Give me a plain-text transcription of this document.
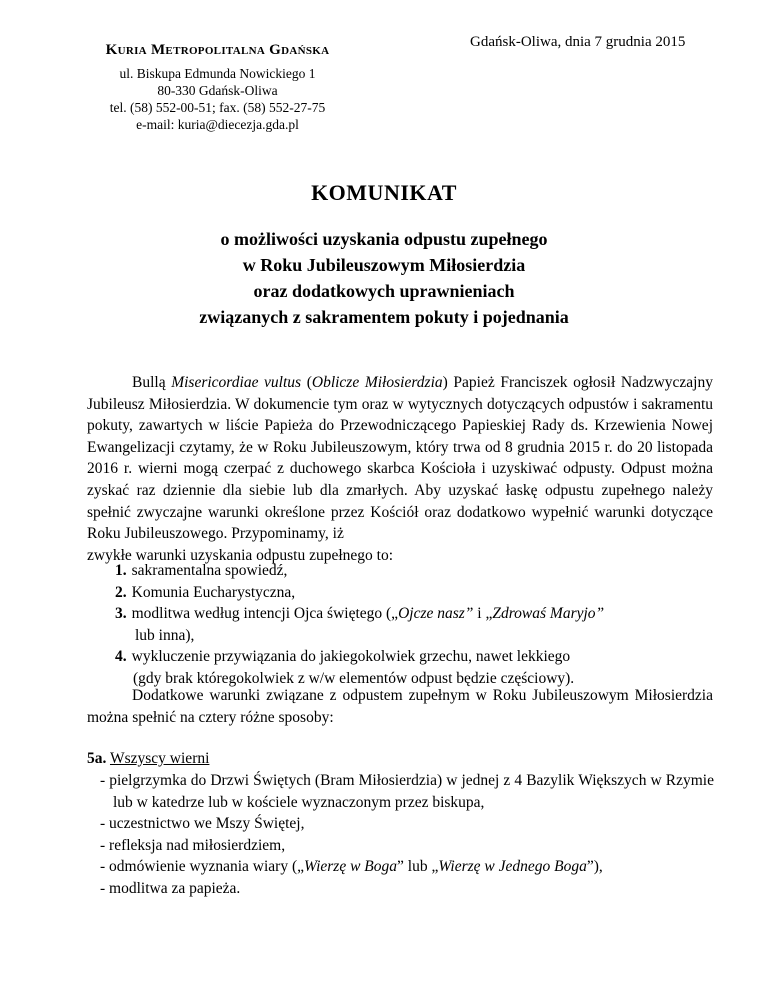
Gdańsk-Oliwa, dnia 7 grudnia 2015
Kuria Metropolitalna Gdańska
ul. Biskupa Edmunda Nowickiego 1
80-330 Gdańsk-Oliwa
tel. (58) 552-00-51; fax. (58) 552-27-75
e-mail: kuria@diecezja.gda.pl
KOMUNIKAT
o możliwości uzyskania odpustu zupełnego
w Roku Jubileuszowym Miłosierdzia
oraz dodatkowych uprawnieniach
związanych z sakramentem pokuty i pojednania
Bullą Misericordiae vultus (Oblicze Miłosierdzia) Papież Franciszek ogłosił Nadzwyczajny Jubileusz Miłosierdzia. W dokumencie tym oraz w wytycznych dotyczących odpustów i sakramentu pokuty, zawartych w liście Papieża do Przewodniczącego Papieskiej Rady ds. Krzewienia Nowej Ewangelizacji czytamy, że w Roku Jubileuszowym, który trwa od 8 grudnia 2015 r. do 20 listopada 2016 r. wierni mogą czerpać z duchowego skarbca Kościoła i uzyskiwać odpusty. Odpust można zyskać raz dziennie dla siebie lub dla zmarłych. Aby uzyskać łaskę odpustu zupełnego należy spełnić zwyczajne warunki określone przez Kościół oraz dodatkowo wypełnić warunki dotyczące Roku Jubileuszowego. Przypominamy, iż
zwykłe warunki uzyskania odpustu zupełnego to:
1. sakramentalna spowiedź,
2. Komunia Eucharystyczna,
3. modlitwa według intencji Ojca świętego („Ojcze nasz” i „Zdrowaś Maryjo”
lub inna),
4. wykluczenie przywiązania do jakiegokolwiek grzechu, nawet lekkiego
(gdy brak któregokolwiek z w/w elementów odpust będzie częściowy).
Dodatkowe warunki związane z odpustem zupełnym w Roku Jubileuszowym Miłosierdzia można spełnić na cztery różne sposoby:
5a. Wszyscy wierni
- pielgrzymka do Drzwi Świętych (Bram Miłosierdzia) w jednej z 4 Bazylik Większych w Rzymie lub w katedrze lub w kościele wyznaczonym przez biskupa,
- uczestnictwo we Mszy Świętej,
- refleksja nad miłosierdziem,
- odmówienie wyznania wiary („Wierzę w Boga” lub „Wierzę w Jednego Boga”),
- modlitwa za papieża.
